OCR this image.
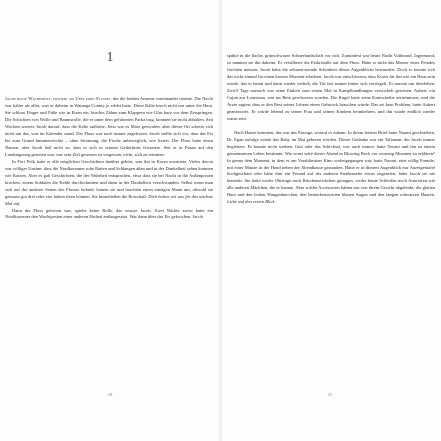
1

Jacob hatte Wachdienst, postiert am Ufer eines Flusses, der die beiden Armeen voneinander trennte. Die Nacht war kälter als alles, was er daheim in Watanga County je erlebt hatte. Diese Kälte kroch nicht nur unter die Haut. Sie schloss Finger und Füße wie in Eisen ein, brachte Zähne zum Klappern wie Glas kurz vor dem Zerspringen. Die Schichten von Wolle und Baumwolle, die er unter dem gefütterten Parka trug, konnten sie nicht abhalten. Seit Wochen wartete Jacob darauf, dass die Kälte aufhörte. Jetzt war es März geworden, aber dieser Ort scherte sich nicht um das, was im Kalender stand. Der Fluss war noch immer zugefroren. Jacob stellte sich vor, dass das Eis bis zum Grund hinunterreichte – ohne Strömung, die Fische unbeweglich, wie fixiert. Der Fluss hatte einen Namen, aber Jacob ließ nicht zu, dass er sich in seinem Gedächtnis festsetzte. Seit er in Pusan auf den Landungssteg getreten war, war sein Ziel gewesen zu vergessen, nicht, sich zu erinnern.

In Fort Polk hatte er alle möglichen Geschichten darüber gehört, was ihn in Korea erwartete. Vieles davon war völliger Unsinn: dass die Nordkoreaner rohe Ratten und Schlangen aßen und in der Dunkelheit sehen konnten wie Katzen. Aber es gab Geschichten, die der Wahrheit entsprachen, etwa dass sie bei Nacht in die Außenposten krochen, einem Soldaten die Kehle durchschnitten und dann in der Dunkelheit verschwanden. Selbst wenn man sich auf der anderen Seiten des Flusses befand, kamen sie und brachten einen einzigen Mann um, obwohl sie genauso gut drei oder vier hätten töten können. Sie hinterließen die Botschaft: Dich hohen wir uns für das nächste Mal auf.

Dann der Fluss gefroren war, spielte keine Rolle, das wusste Jacob. Zwei Nächte zuvor hatte ein Nordkoreaner den Wachtposten einer anderen Einheit entlangesetzt. War dann über das Eis gekrochen. Jacob

10

spähte in die flache, grünschwarze Schneelandschaft vor sich. Zumindest war heute Nacht Vollmond. Jagermond, so nannten sie ihn daheim. Er versilberte die Eiskristalle auf dem Fluss. Hätte er nicht das Messer eines Feindes fürchten müssen, Jacob hätte die seltsam-nornde Schönheit dieses Augenblicks bewundert. Doch er konnte sich das nicht einmal für einen kurzen Moment erlauben. Jacob war entschlossen, dass Korea für ihn wie ein Haus sein würde, das er betrat und dann wieder verließ, die Tür fest immer hinter sich verriegelt. Er musste nur überleben. Zwölf Tage nurnoch war seine Einheit zum ersten Mal in Kampfhandlungen verwickelt gewesen. Aubert, ein Cajun aus Louisiana, war ins Bein geschossen worden. Die Kugel hatte seine Kniescheibe zertrümmert, und die Ärzte sagten, dass er den Rest seines Lebens einen Gehstock brauchen würde. Das sei kein Problem, hatte Aubert geantwortet. Er würde lebend zu seiner Frau und seinen Kindern heimkehren, und ihn würde endlich wieder warm sein.

Nach Hause kommen, das war das Einzige, worauf es ankam. In ihrem letzten Brief hatte Naomi geschrieben, Dr. Egan zufolge würde das Baby im Mai geboren werden. Dieser Gedanke war ein Talisman, der Jacob immer begleitete. Er konnte nicht sterben. Gott oder das Schicksal, was auch immer, hatte Naomi und ihn zu einem gemeinsamen Leben bestimmt. Wie sonst wäre dieser Abend in Blowing Rock vor zwanzig Monaten zu erklären? In genau dem Moment, in dem er am Vorabliesiner Kino vorbeigegangen war, hatte Naomi, eine völlig Fremde, mit einer Münze in der Hand neben der Abendkasse gestanden. Hätte er in diesem Augenblick nur Anzeigentafel hochgeschaut oder hätte ihm ein Freund auf der anderen Straßenseite etwas zugerufen, hätte Jacob sie nie bemerkt. Sie hatte weder Ohrringe noch Rüschenstickchen getragen, weder bunte Schleifen noch Armreifen wie alle anderen Mädchen, die er kannte. Aber solche Accessoires hätten nur von ihrem Gesicht abgelenkt, der glatten Haut und den hohen Wangenknochen, den bemerkenswerten blauen Augen und den langen schwarzen Haaren. Liebe auf den ersten Blick.

11
